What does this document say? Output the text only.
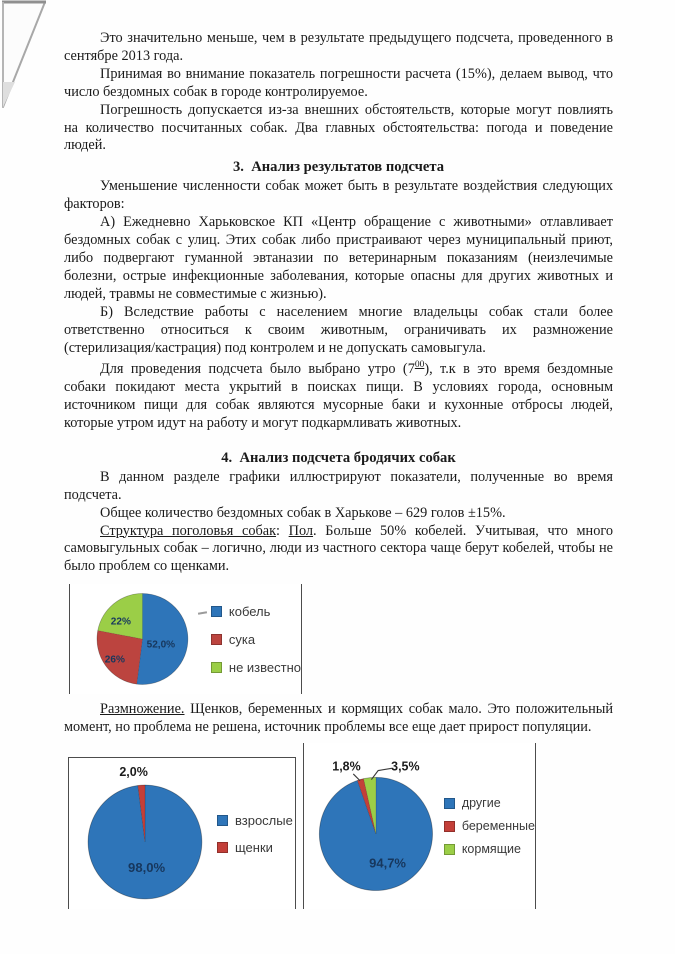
Это значительно меньше, чем в результате предыдущего подсчета, проведенного в сентябре 2013 года.

Принимая во внимание показатель погрешности расчета (15%), делаем вывод, что число бездомных собак в городе контролируемое.

Погрешность допускается из-за внешних обстоятельств, которые могут повлиять на количество посчитанных собак. Два главных обстоятельства: погода и поведение людей.

3.  Анализ результатов подсчета

Уменьшение численности собак может быть в результате воздействия следующих факторов:

А) Ежедневно Харьковское КП «Центр обращение с животными» отлавливает бездомных собак с улиц. Этих собак либо пристраивают через муниципальный приют, либо подвергают гуманной эвтаназии по ветеринарным показаниям (неизлечимые болезни, острые инфекционные заболевания, которые опасны для других животных и людей, травмы не совместимые с жизнью).

Б) Вследствие работы с населением многие владельцы собак стали более ответственно относиться к своим животным, ограничивать их размножение (стерилизация/кастрация) под контролем и не допускать самовыгула.

Для проведения подсчета было выбрано утро $(7^{00})$, т.к в это время бездомные собаки покидают места укрытий в поисках пищи. В условиях города, основным источником пищи для собак являются мусорные баки и кухонные отбросы людей, которые утром идут на работу и могут подкармливать животных.

4.  Анализ подсчета бродячих собак

В данном разделе графики иллюстрируют показатели, полученные во время подсчета.

Общее количество бездомных собак в Харькове – 629 голов ±15%.

Структура поголовья собак: Пол. Больше 50% кобелей. Учитывая, что много самовыгульных собак – логично, люди из частного сектора чаще берут кобелей, чтобы не было проблем со щенками.

52,0%
26%
22%
кобель
сука
не известно

Размножение. Щенков, беременных и кормящих собак мало. Это положительный момент, но проблема не решена, источник проблемы все еще дает прирост популяции.

98,0%
2,0%
взрослые
щенки
94,7%
1,8%	3,5%
другие
беременные
кормящие
